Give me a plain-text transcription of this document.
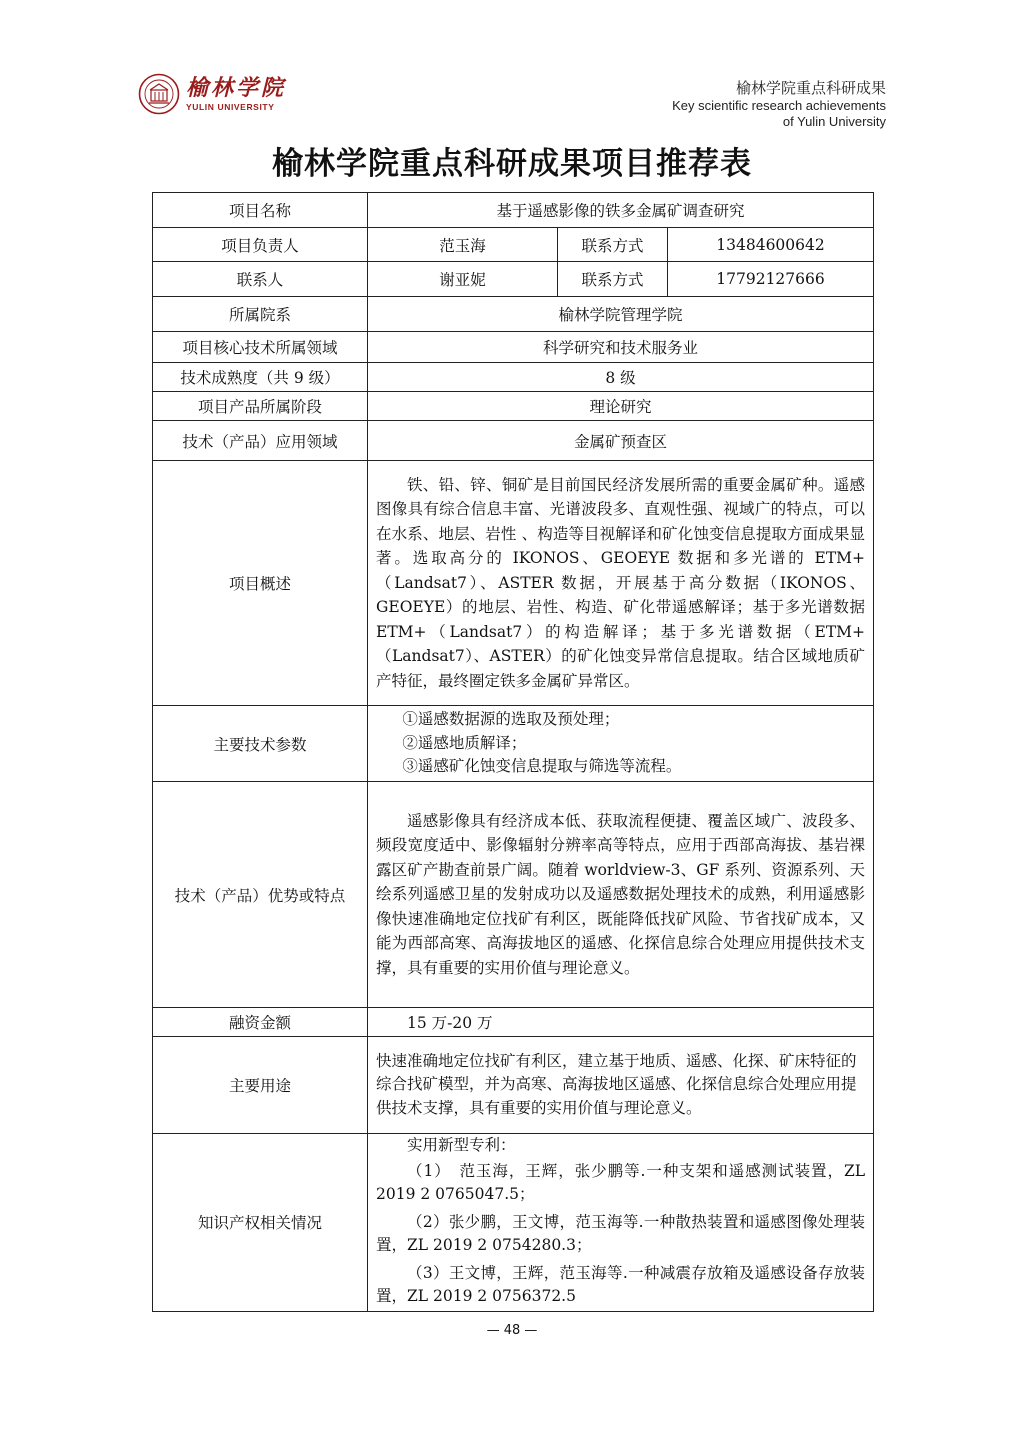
榆林学院
YULIN UNIVERSITY
榆林学院重点科研成果
Key scientific research achievements
of Yulin University
榆林学院重点科研成果项目推荐表
项目名称	基于遥感影像的铁多金属矿调查研究		
项目负责人	范玉海	联系方式	13484600642
联系人	谢亚妮	联系方式	17792127666
所属院系	榆林学院管理学院		
项目核心技术所属领域	科学研究和技术服务业		
技术成熟度（共 9 级）	8 级		
项目产品所属阶段	理论研究		
技术（产品）应用领域	金属矿预查区		
项目概述	铁、铅、锌、铜矿是目前国民经济发展所需的重要金属矿种。遥感图像具有综合信息丰富、光谱波段多、直观性强、视域广的特点，可以在水系、地层、岩性 、构造等目视解译和矿化蚀变信息提取方面成果显著。选取高分的 IKONOS、GEOEYE 数据和多光谱的 ETM+（Landsat7）、ASTER 数据，开展基于高分数据（IKONOS、GEOEYE）的地层、岩性、构造、矿化带遥感解译；基于多光谱数据 ETM+（Landsat7）的构造解译；基于多光谱数据（ETM+（Landsat7）、ASTER）的矿化蚀变异常信息提取。结合区域地质矿产特征，最终圈定铁多金属矿异常区。		

主要技术参数	①遥感数据源的选取及预处理；
②遥感地质解译；
③遥感矿化蚀变信息提取与筛选等流程。		

技术（产品）优势或特点	遥感影像具有经济成本低、获取流程便捷、覆盖区域广、波段多、频段宽度适中、影像辐射分辨率高等特点，应用于西部高海拔、基岩裸露区矿产勘查前景广阔。随着 worldview-3、GF 系列、资源系列、天绘系列遥感卫星的发射成功以及遥感数据处理技术的成熟，利用遥感影像快速准确地定位找矿有利区，既能降低找矿风险、节省找矿成本，又能为西部高寒、高海拔地区的遥感、化探信息综合处理应用提供技术支撑，具有重要的实用价值与理论意义。		

融资金额	15 万-20 万		

主要用途	快速准确地定位找矿有利区，建立基于地质、遥感、化探、矿床特征的综合找矿模型，并为高寒、高海拔地区遥感、化探信息综合处理应用提供技术支撑，具有重要的实用价值与理论意义。		

知识产权相关情况	实用新型专利：
（1）　范玉海，王辉，张少鹏等.一种支架和遥感测试装置，ZL 2019 2 0765047.5；
（2）张少鹏，王文博，范玉海等.一种散热装置和遥感图像处理装置，ZL 2019 2 0754280.3；
（3）王文博，王辉，范玉海等.一种减震存放箱及遥感设备存放装置，ZL 2019 2 0756372.5		
— 48 —
